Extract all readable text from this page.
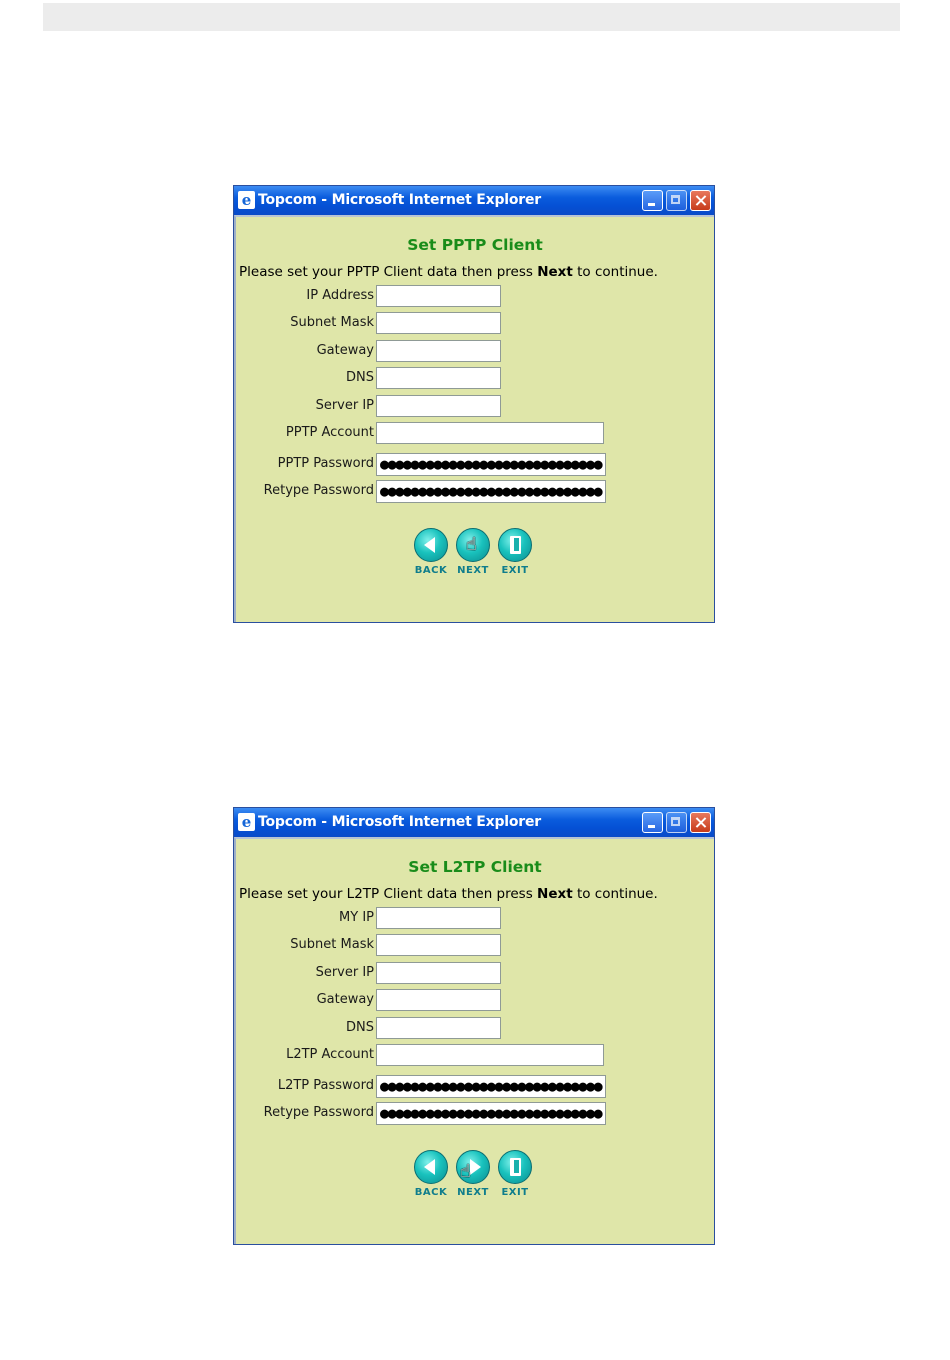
e Topcom - Microsoft Internet Explorer
Set PPTP Client
Please set your PPTP Client data then press Next to continue.
IP Address
Subnet Mask
Gateway
DNS
Server IP
PPTP Account
PPTP Password ●●●●●●●●●●●●●●●●●●●●●●●●●●●●●
Retype Password ●●●●●●●●●●●●●●●●●●●●●●●●●●●●●
BACK
☝
NEXT	EXIT
e Topcom - Microsoft Internet Explorer
Set L2TP Client
Please set your L2TP Client data then press Next to continue.
MY IP
Subnet Mask
Server IP
Gateway
DNS
L2TP Account
L2TP Password ●●●●●●●●●●●●●●●●●●●●●●●●●●●●●
Retype Password ●●●●●●●●●●●●●●●●●●●●●●●●●●●●●
BACK
☝
NEXT	EXIT
